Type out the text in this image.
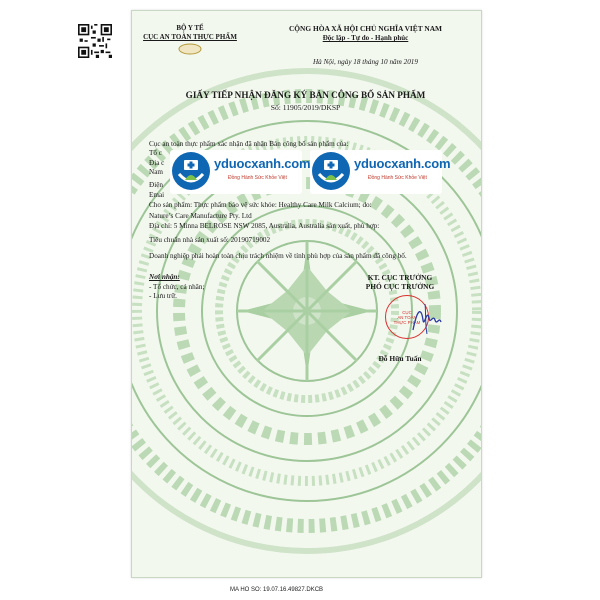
BỘ Y TẾ
CỤC AN TOÀN THỰC PHẨM
CỘNG HÒA XÃ HỘI CHỦ NGHĨA VIỆT NAM
Độc lập - Tự do - Hạnh phúc
Hà Nội, ngày 18 tháng 10 năm 2019
GIẤY TIẾP NHẬN ĐĂNG KÝ BẢN CÔNG BỐ SẢN PHẨM
Số: 11905/2019/DKSP
Cục an toàn thực phẩm xác nhận đã nhận Bản công bố sản phẩm của:
Tổ c
Địa c
Nam
Điện
Emai
Cho sản phẩm: Thực phẩm bảo vệ sức khỏe: Healthy Care Milk Calcium; do:
Nature’s Care Manufacture Pty. Ltd
Địa chỉ: 5 Minna BELROSE NSW 2085, Australia, Australia sản xuất, phù hợp:
Tiêu chuẩn nhà sản xuất số: 20190719002
Doanh nghiệp phải hoàn toàn chịu trách nhiệm về tính phù hợp của sản phẩm đã công bố.
yduocxanh.com
Đồng Hành Sức Khỏe Việt
yduocxanh.com
Đồng Hành Sức Khỏe Việt
Nơi nhận:
- Tổ chức, cá nhân;
- Lưu trữ.
KT. CỤC TRƯỞNG
PHÓ CỤC TRƯỞNG
CỤC
AN TOÀN
THỰC PHẨM
Đỗ Hữu Tuấn
MA HO SO: 19.07.16.49827.DKCB
